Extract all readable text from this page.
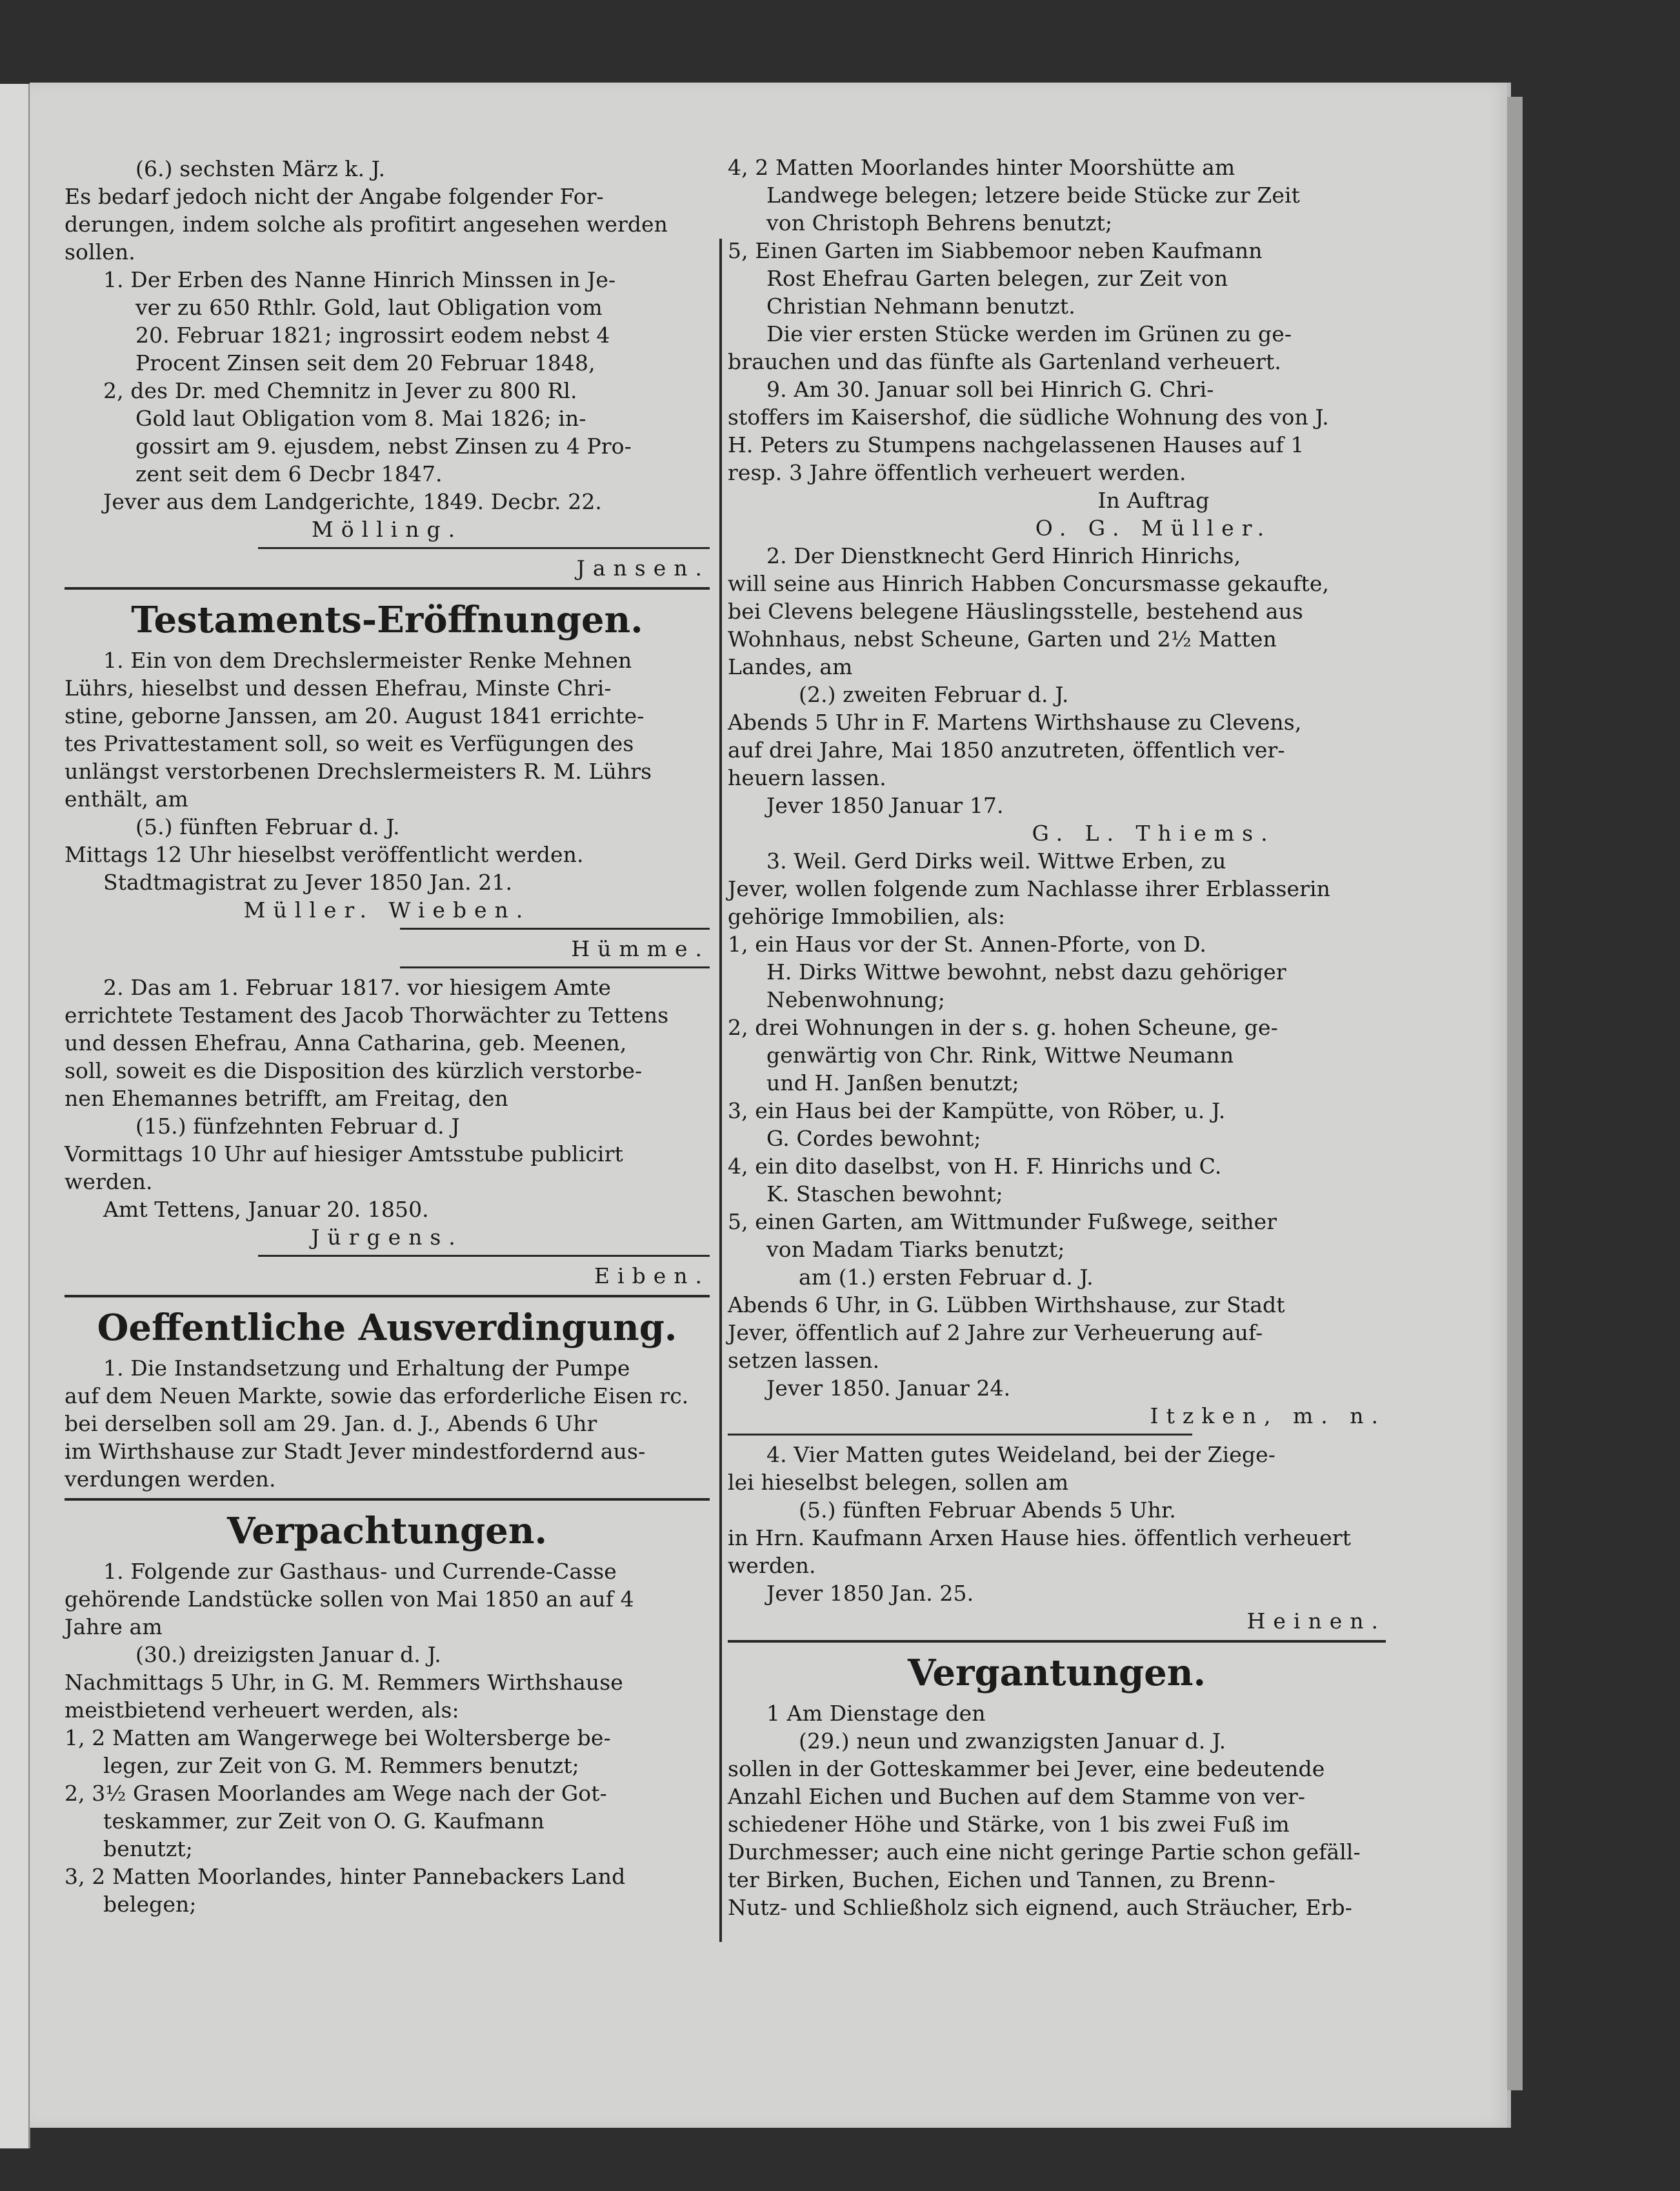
(6.) sechsten März k. J.
Es bedarf jedoch nicht der Angabe folgender For-
derungen, indem solche als profitirt angesehen werden
sollen.
1. Der Erben des Nanne Hinrich Minssen in Je-
ver zu 650 Rthlr. Gold, laut Obligation vom
20. Februar 1821; ingrossirt eodem nebst 4
Procent Zinsen seit dem 20 Februar 1848,
2, des Dr. med Chemnitz in Jever zu 800 Rl.
Gold laut Obligation vom 8. Mai 1826; in-
gossirt am 9. ejusdem, nebst Zinsen zu 4 Pro-
zent seit dem 6 Decbr 1847.
Jever aus dem Landgerichte, 1849. Decbr. 22.
Mölling.
Jansen.
Testaments-Eröffnungen.
1. Ein von dem Drechslermeister Renke Mehnen
Lührs, hieselbst und dessen Ehefrau, Minste Chri-
stine, geborne Janssen, am 20. August 1841 errichte-
tes Privattestament soll, so weit es Verfügungen des
unlängst verstorbenen Drechslermeisters R. M. Lührs
enthält, am
(5.) fünften Februar d. J.
Mittags 12 Uhr hieselbst veröffentlicht werden.
Stadtmagistrat zu Jever 1850 Jan. 21.
Müller. Wieben.
Hümme.
2. Das am 1. Februar 1817. vor hiesigem Amte
errichtete Testament des Jacob Thorwächter zu Tettens
und dessen Ehefrau, Anna Catharina, geb. Meenen,
soll, soweit es die Disposition des kürzlich verstorbe-
nen Ehemannes betrifft, am Freitag, den
(15.) fünfzehnten Februar d. J
Vormittags 10 Uhr auf hiesiger Amtsstube publicirt
werden.
Amt Tettens, Januar 20. 1850.
Jürgens.
Eiben.
Oeffentliche Ausverdingung.
1. Die Instandsetzung und Erhaltung der Pumpe
auf dem Neuen Markte, sowie das erforderliche Eisen rc.
bei derselben soll am 29. Jan. d. J., Abends 6 Uhr
im Wirthshause zur Stadt Jever mindestfordernd aus-
verdungen werden.
Verpachtungen.
1. Folgende zur Gasthaus- und Currende-Casse
gehörende Landstücke sollen von Mai 1850 an auf 4
Jahre am
(30.) dreizigsten Januar d. J.
Nachmittags 5 Uhr, in G. M. Remmers Wirthshause
meistbietend verheuert werden, als:
1, 2 Matten am Wangerwege bei Woltersberge be-
legen, zur Zeit von G. M. Remmers benutzt;
2, 3½ Grasen Moorlandes am Wege nach der Got-
teskammer, zur Zeit von O. G. Kaufmann
benutzt;
3, 2 Matten Moorlandes, hinter Pannebackers Land
belegen;
4, 2 Matten Moorlandes hinter Moorshütte am
Landwege belegen; letzere beide Stücke zur Zeit
von Christoph Behrens benutzt;
5, Einen Garten im Siabbemoor neben Kaufmann
Rost Ehefrau Garten belegen, zur Zeit von
Christian Nehmann benutzt.
Die vier ersten Stücke werden im Grünen zu ge-
brauchen und das fünfte als Gartenland verheuert.
9. Am 30. Januar soll bei Hinrich G. Chri-
stoffers im Kaisershof, die südliche Wohnung des von J.
H. Peters zu Stumpens nachgelassenen Hauses auf 1
resp. 3 Jahre öffentlich verheuert werden.
In Auftrag
O. G. Müller.
2. Der Dienstknecht Gerd Hinrich Hinrichs,
will seine aus Hinrich Habben Concursmasse gekaufte,
bei Clevens belegene Häuslingsstelle, bestehend aus
Wohnhaus, nebst Scheune, Garten und 2½ Matten
Landes, am
(2.) zweiten Februar d. J.
Abends 5 Uhr in F. Martens Wirthshause zu Clevens,
auf drei Jahre, Mai 1850 anzutreten, öffentlich ver-
heuern lassen.
Jever 1850 Januar 17.
G. L. Thiems.
3. Weil. Gerd Dirks weil. Wittwe Erben, zu
Jever, wollen folgende zum Nachlasse ihrer Erblasserin
gehörige Immobilien, als:
1, ein Haus vor der St. Annen-Pforte, von D.
H. Dirks Wittwe bewohnt, nebst dazu gehöriger
Nebenwohnung;
2, drei Wohnungen in der s. g. hohen Scheune, ge-
genwärtig von Chr. Rink, Wittwe Neumann
und H. Janßen benutzt;
3, ein Haus bei der Kampütte, von Röber, u. J.
G. Cordes bewohnt;
4, ein dito daselbst, von H. F. Hinrichs und C.
K. Staschen bewohnt;
5, einen Garten, am Wittmunder Fußwege, seither
von Madam Tiarks benutzt;
am (1.) ersten Februar d. J.
Abends 6 Uhr, in G. Lübben Wirthshause, zur Stadt
Jever, öffentlich auf 2 Jahre zur Verheuerung auf-
setzen lassen.
Jever 1850. Januar 24.
Itzken, m. n.
4. Vier Matten gutes Weideland, bei der Ziege-
lei hieselbst belegen, sollen am
(5.) fünften Februar Abends 5 Uhr.
in Hrn. Kaufmann Arxen Hause hies. öffentlich verheuert
werden.
Jever 1850 Jan. 25.
Heinen.
Vergantungen.
1 Am Dienstage den
(29.) neun und zwanzigsten Januar d. J.
sollen in der Gotteskammer bei Jever, eine bedeutende
Anzahl Eichen und Buchen auf dem Stamme von ver-
schiedener Höhe und Stärke, von 1 bis zwei Fuß im
Durchmesser; auch eine nicht geringe Partie schon gefäll-
ter Birken, Buchen, Eichen und Tannen, zu Brenn-
Nutz- und Schließholz sich eignend, auch Sträucher, Erb-
